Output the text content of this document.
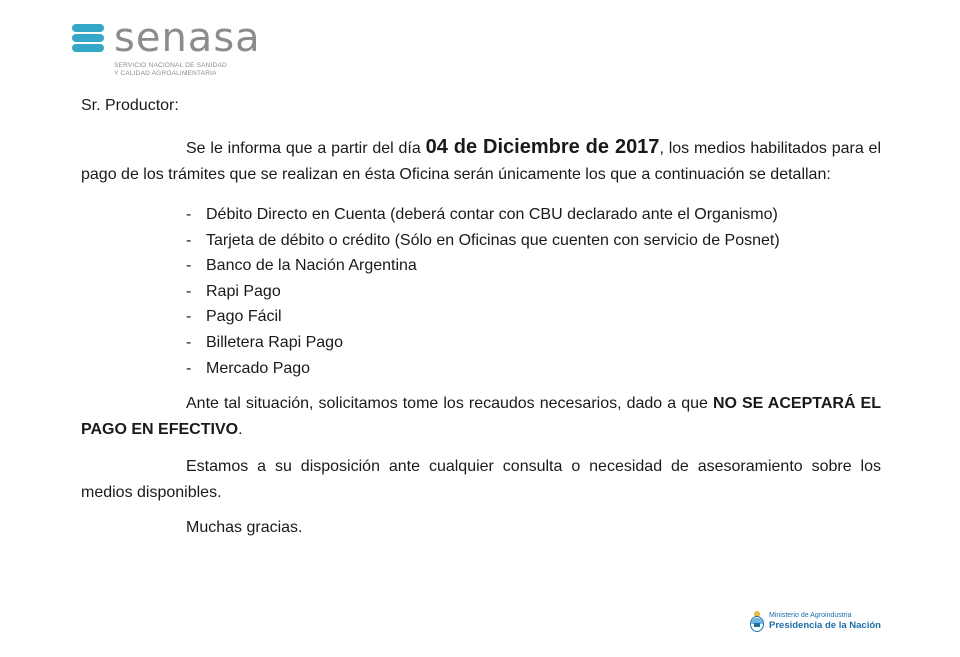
senasa
SERVICIO NACIONAL DE SANIDAD
Y CALIDAD AGROALIMENTARIA
Sr. Productor:
Se le informa que a partir del día 04 de Diciembre de 2017, los medios habilitados para el pago de los trámites que se realizan en ésta Oficina serán únicamente los que a continuación se detallan:
- Débito Directo en Cuenta (deberá contar con CBU declarado ante el Organismo)
- Tarjeta de débito o crédito (Sólo en Oficinas que cuenten con servicio de Posnet)
- Banco de la Nación Argentina
- Rapi Pago
- Pago Fácil
- Billetera Rapi Pago
- Mercado Pago
Ante tal situación, solicitamos tome los recaudos necesarios, dado a que NO SE ACEPTARÁ EL PAGO EN EFECTIVO.
Estamos a su disposición ante cualquier consulta o necesidad de asesoramiento sobre los medios disponibles.
Muchas gracias.
Ministerio de Agroindustria
Presidencia de la Nación
